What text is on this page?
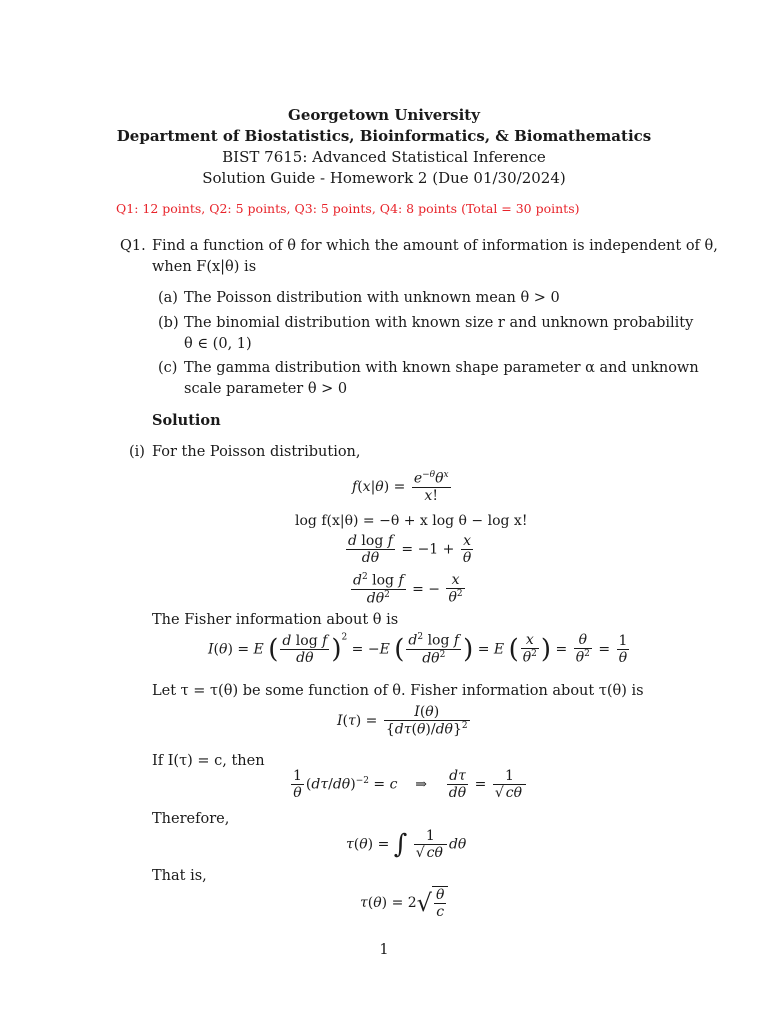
Georgetown University
Department of Biostatistics, Bioinformatics, & Biomathematics
BIST 7615: Advanced Statistical Inference
Solution Guide - Homework 2 (Due 01/30/2024)
Q1: 12 points, Q2: 5 points, Q3: 5 points, Q4: 8 points (Total = 30 points)
Q1. Find a function of θ for which the amount of information is independent of θ,
when F(x|θ) is
(a) The Poisson distribution with unknown mean θ > 0
(b) The binomial distribution with known size r and unknown probability
θ ∈ (0, 1)
(c) The gamma distribution with known shape parameter α and unknown
scale parameter θ > 0
Solution
(i) For the Poisson distribution,
$f(x|\theta) = \frac{e^{-\theta}\theta^x}{x!}$
log f(x|θ) = −θ + x log θ − log x!
$\frac{\text{d log f}}{d\theta} = -1 + \frac{x}{\theta}$
$\frac{d^2 \log f}{d\theta^2}$ = − $\frac{x}{\theta^2}$
The Fisher information about θ is
I(θ) = E ( $\frac{\text{d log f}}{d\theta} )^2 = -E$ ( $\frac{d^2 \log f}{d\theta^2}$ ) = E ( $\frac{x}{\theta^2}$ ) = $\frac{\theta}{\theta^2} = \frac{1}{\theta}$
Let τ = τ(θ) be some function of θ. Fisher information about τ(θ) is
$I(\tau) = \frac{I(\theta)}{\{d\tau(\theta)/d\theta\}^2}$
If I(τ) = c, then
$\frac{1}{\theta} (d\tau/d\theta)^{-2} = c$    ⇒ $\frac{d\tau}{d\theta} = \frac{1}{√ c\theta}$
Therefore,
τ(θ) = ∫ $\frac{1}{√ c\theta}$ dθ
That is,
$\tau(\theta) = 2√ \frac{\theta}{c}$
1
